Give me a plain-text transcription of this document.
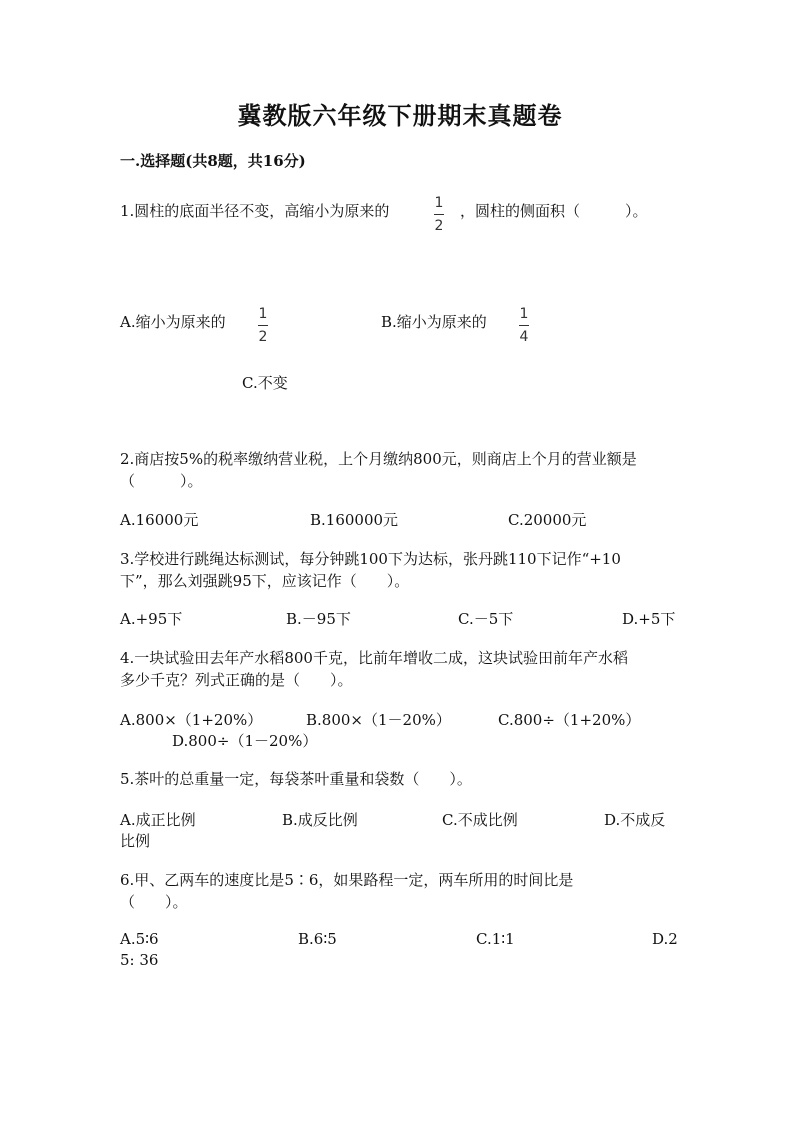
冀教版六年级下册期末真题卷
一.选择题(共8题，共16分)
1.圆柱的底面半径不变，高缩小为原来的	1
2
，圆柱的侧面积（　　　）。
A.缩小为原来的 1
2
B.缩小为原来的 1
4
C.不变
2.商店按5%的税率缴纳营业税，上个月缴纳800元，则商店上个月的营业额是
（　　　）。
A.16000元	B.160000元	C.20000元
3.学校进行跳绳达标测试，每分钟跳100下为达标，张丹跳110下记作“+10
下”，那么刘强跳95下，应该记作（　　）。
A.+95下	B.－95下	C.－5下	D.+5下
4.一块试验田去年产水稻800千克，比前年增收二成，这块试验田前年产水稻
多少千克？列式正确的是（　　）。
A.800×（1+20%）	B.800×（1－20%）	C.800÷（1+20%）
D.800÷（1－20%）
5.茶叶的总重量一定，每袋茶叶重量和袋数（　　）。
A.成正比例	B.成反比例	C.不成比例	D.不成反
比例
6.甲、乙两车的速度比是5∶6，如果路程一定，两车所用的时间比是
（　　）。
A.5∶6	B.6∶5	C.1∶1	D.2
5: 36
